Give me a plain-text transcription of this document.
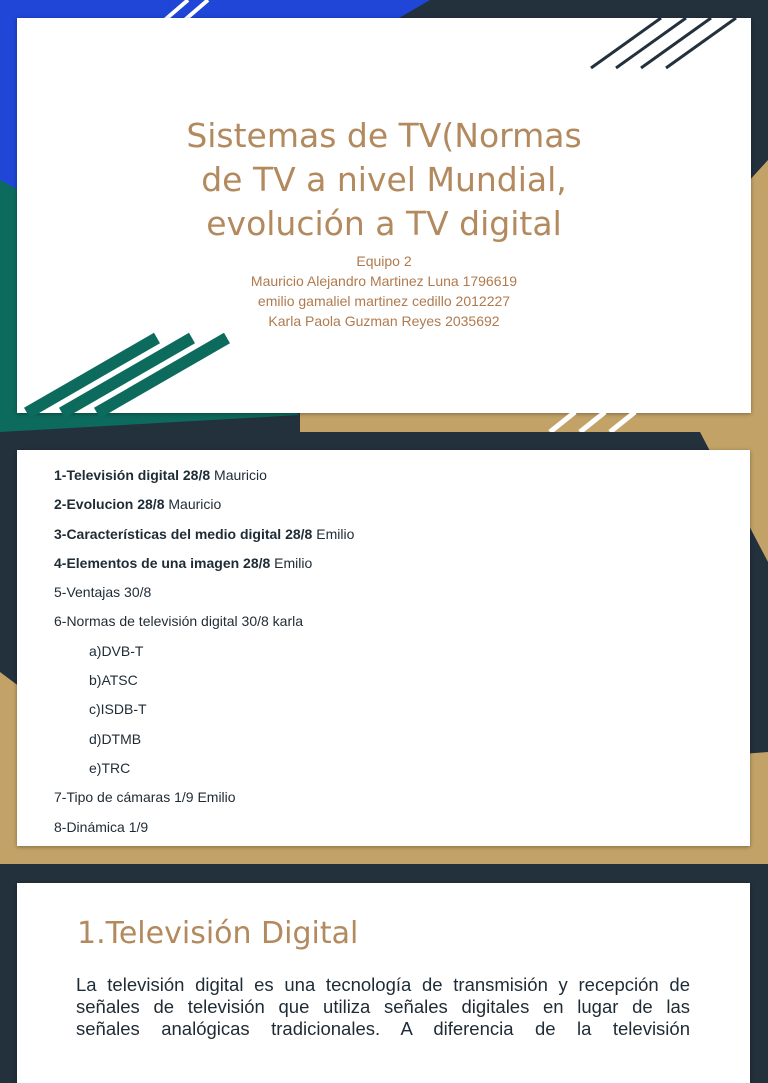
Sistemas de TV(Normas
de TV a nivel Mundial,
evolución a TV digital
Equipo 2
Mauricio Alejandro Martinez Luna 1796619
emilio gamaliel martinez cedillo 2012227
Karla Paola Guzman Reyes 2035692
1-Televisión digital 28/8 Mauricio
2-Evolucion 28/8 Mauricio
3-Características del medio digital 28/8 Emilio
4-Elementos de una imagen 28/8 Emilio
5-Ventajas 30/8
6-Normas de televisión digital 30/8 karla
a)DVB-T
b)ATSC
c)ISDB-T
d)DTMB
e)TRC
7-Tipo de cámaras 1/9 Emilio
8-Dinámica 1/9
1.Televisión Digital
La televisión digital es una tecnología de transmisión y recepción de
señales de televisión que utiliza señales digitales en lugar de las
señales analógicas tradicionales. A diferencia de la televisión
